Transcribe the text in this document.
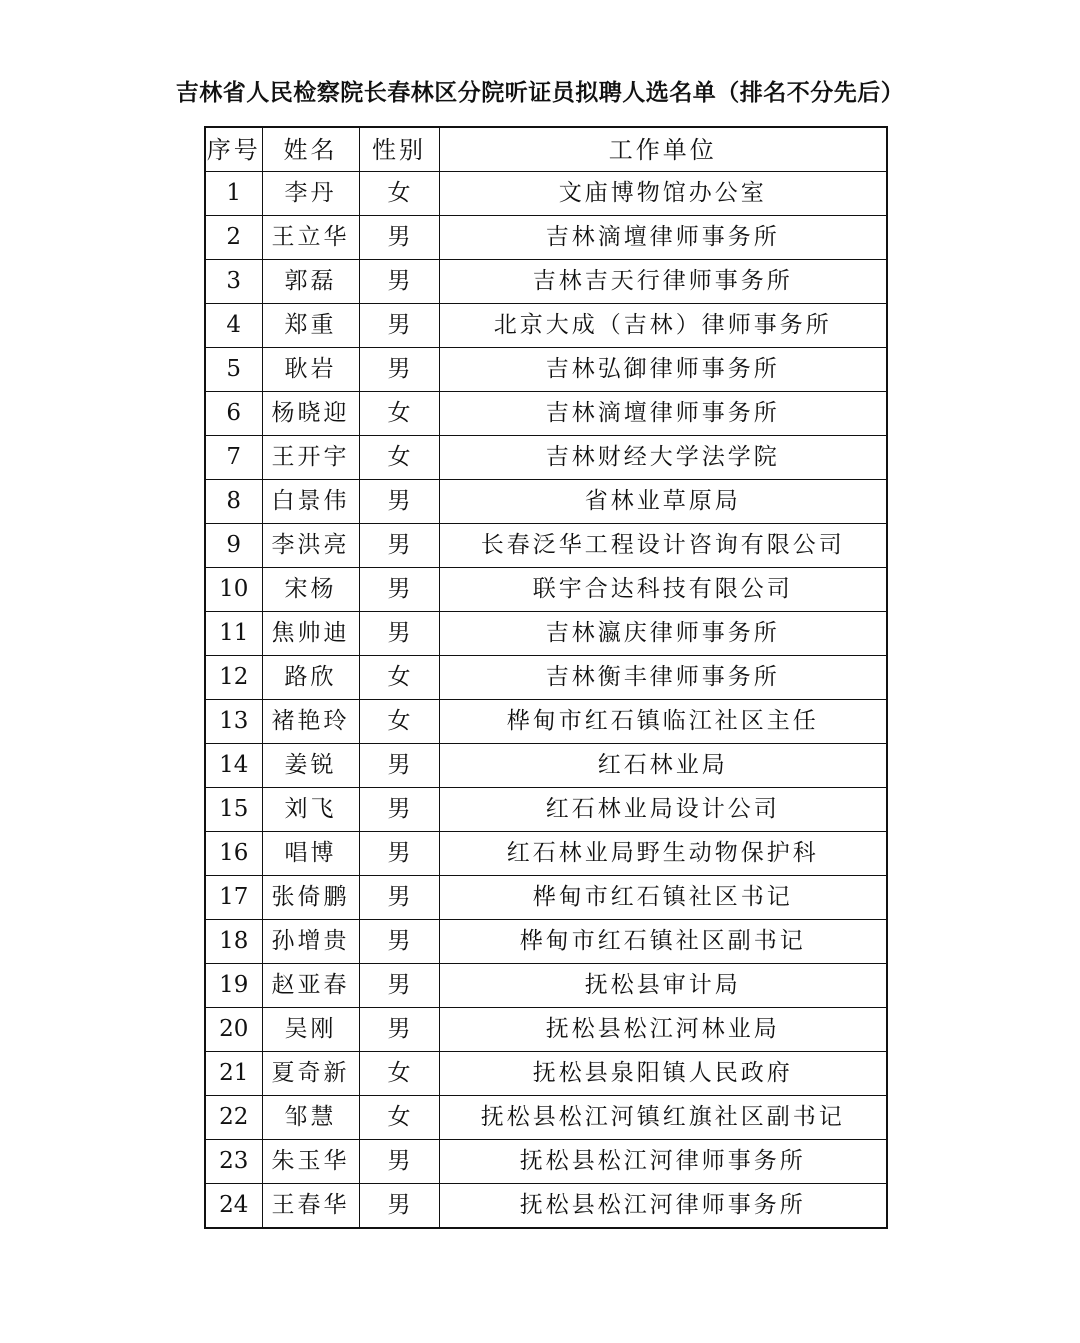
吉林省人民检察院长春林区分院听证员拟聘人选名单（排名不分先后）
序号	姓名	性别	工作单位
1	李丹	女	文庙博物馆办公室
2	王立华	男	吉林滴壇律师事务所
3	郭磊	男	吉林吉天行律师事务所
4	郑重	男	北京大成（吉林）律师事务所
5	耿岩	男	吉林弘御律师事务所
6	杨晓迎	女	吉林滴壇律师事务所
7	王开宇	女	吉林财经大学法学院
8	白景伟	男	省林业草原局
9	李洪亮	男	长春泛华工程设计咨询有限公司
10	宋杨	男	联宇合达科技有限公司
11	焦帅迪	男	吉林瀛庆律师事务所
12	路欣	女	吉林衡丰律师事务所
13	褚艳玲	女	桦甸市红石镇临江社区主任
14	姜锐	男	红石林业局
15	刘飞	男	红石林业局设计公司
16	唱博	男	红石林业局野生动物保护科
17	张倚鹏	男	桦甸市红石镇社区书记
18	孙增贵	男	桦甸市红石镇社区副书记
19	赵亚春	男	抚松县审计局
20	吴刚	男	抚松县松江河林业局
21	夏奇新	女	抚松县泉阳镇人民政府
22	邹慧	女	抚松县松江河镇红旗社区副书记
23	朱玉华	男	抚松县松江河律师事务所
24	王春华	男	抚松县松江河律师事务所
